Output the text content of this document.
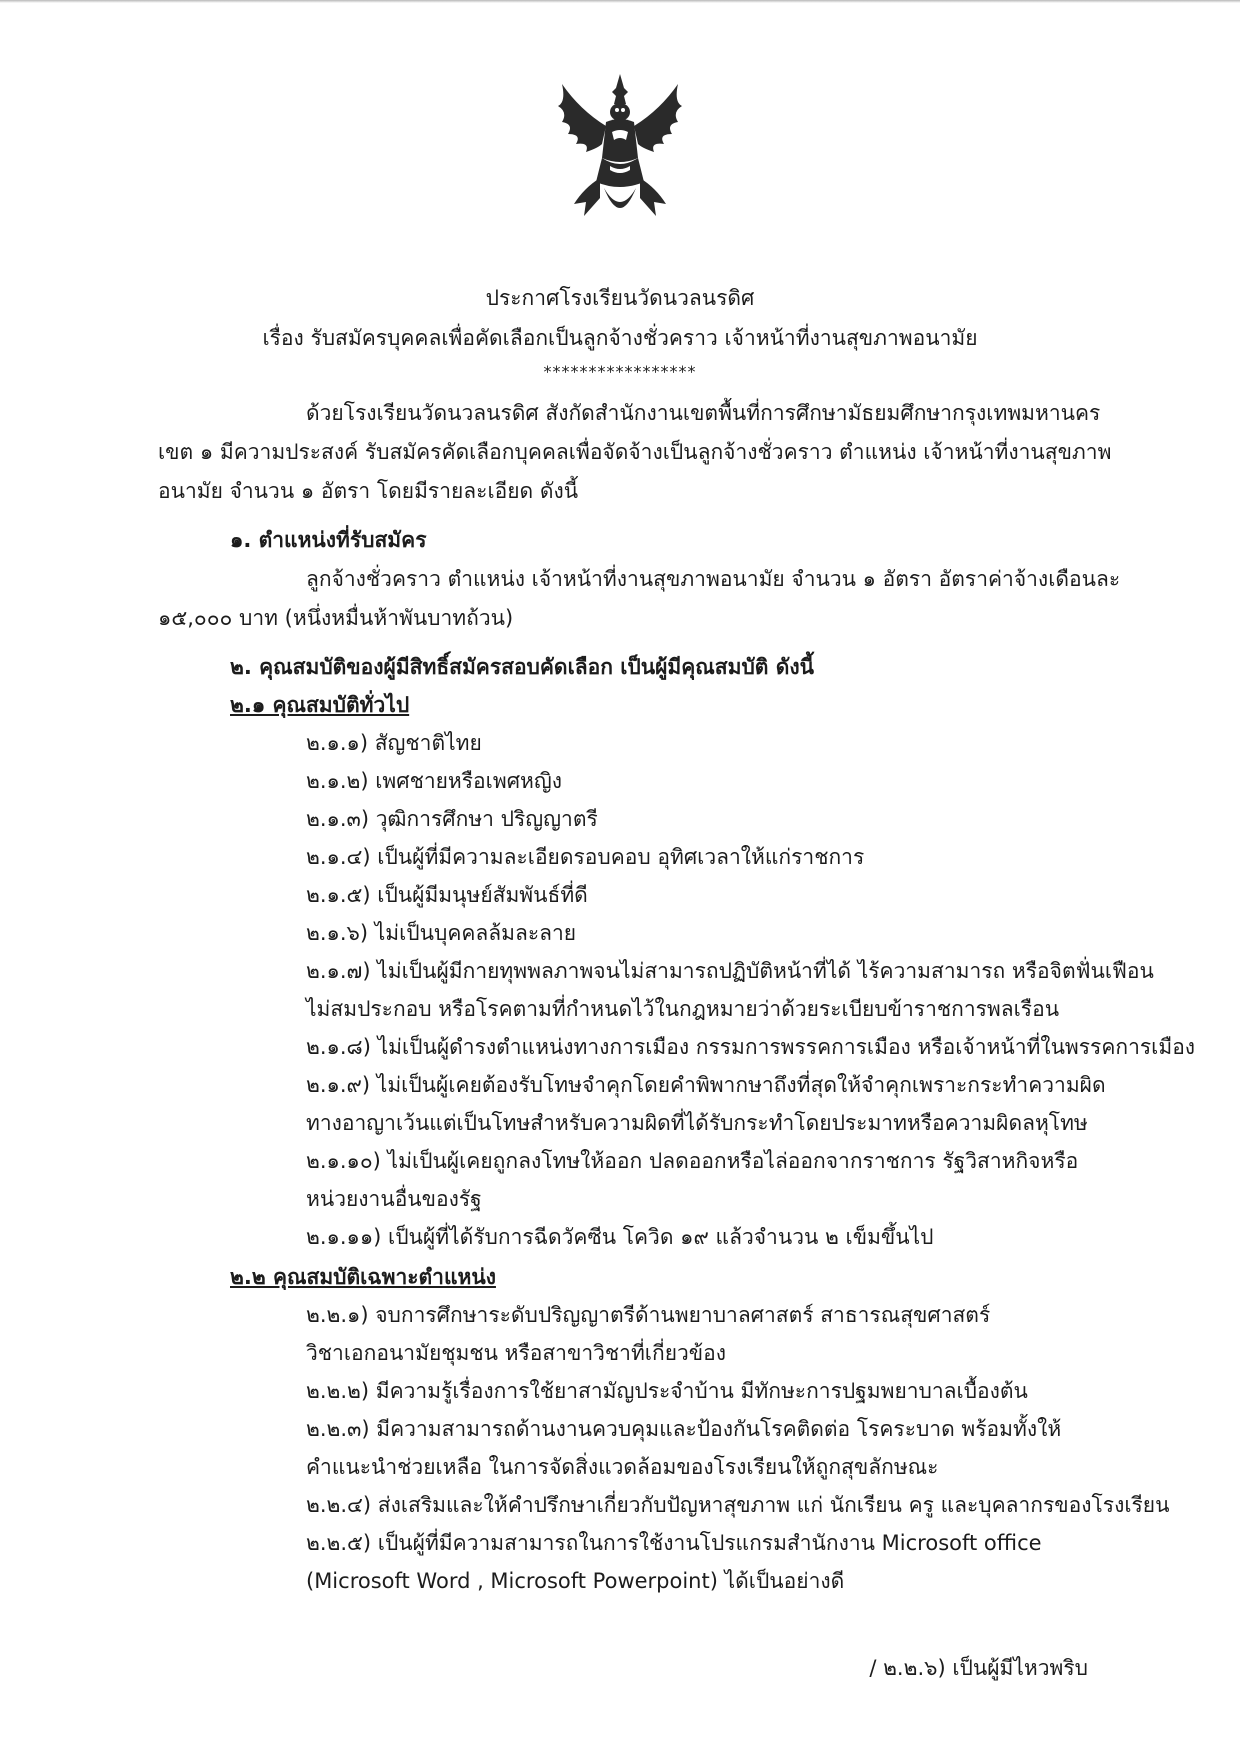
ประกาศโรงเรียนวัดนวลนรดิศ
เรื่อง รับสมัครบุคคลเพื่อคัดเลือกเป็นลูกจ้างชั่วคราว เจ้าหน้าที่งานสุขภาพอนามัย
*****************
ด้วยโรงเรียนวัดนวลนรดิศ สังกัดสำนักงานเขตพื้นที่การศึกษามัธยมศึกษากรุงเทพมหานคร
เขต ๑ มีความประสงค์ รับสมัครคัดเลือกบุคคลเพื่อจัดจ้างเป็นลูกจ้างชั่วคราว ตำแหน่ง เจ้าหน้าที่งานสุขภาพ
อนามัย จำนวน ๑ อัตรา โดยมีรายละเอียด ดังนี้
๑. ตำแหน่งที่รับสมัคร
ลูกจ้างชั่วคราว ตำแหน่ง เจ้าหน้าที่งานสุขภาพอนามัย จำนวน ๑ อัตรา อัตราค่าจ้างเดือนละ
๑๕,๐๐๐ บาท (หนึ่งหมื่นห้าพันบาทถ้วน)
๒. คุณสมบัติของผู้มีสิทธิ์สมัครสอบคัดเลือก เป็นผู้มีคุณสมบัติ ดังนี้
๒.๑ คุณสมบัติทั่วไป
๒.๑.๑) สัญชาติไทย
๒.๑.๒) เพศชายหรือเพศหญิง
๒.๑.๓) วุฒิการศึกษา ปริญญาตรี
๒.๑.๔) เป็นผู้ที่มีความละเอียดรอบคอบ อุทิศเวลาให้แก่ราชการ
๒.๑.๕) เป็นผู้มีมนุษย์สัมพันธ์ที่ดี
๒.๑.๖) ไม่เป็นบุคคลล้มละลาย
๒.๑.๗) ไม่เป็นผู้มีกายทุพพลภาพจนไม่สามารถปฏิบัติหน้าที่ได้ ไร้ความสามารถ หรือจิตฟั่นเฟือน
ไม่สมประกอบ หรือโรคตามที่กำหนดไว้ในกฎหมายว่าด้วยระเบียบข้าราชการพลเรือน
๒.๑.๘) ไม่เป็นผู้ดำรงตำแหน่งทางการเมือง กรรมการพรรคการเมือง หรือเจ้าหน้าที่ในพรรคการเมือง
๒.๑.๙) ไม่เป็นผู้เคยต้องรับโทษจำคุกโดยคำพิพากษาถึงที่สุดให้จำคุกเพราะกระทำความผิด
ทางอาญาเว้นแต่เป็นโทษสำหรับความผิดที่ได้รับกระทำโดยประมาทหรือความผิดลหุโทษ
๒.๑.๑๐) ไม่เป็นผู้เคยถูกลงโทษให้ออก ปลดออกหรือไล่ออกจากราชการ รัฐวิสาหกิจหรือ
หน่วยงานอื่นของรัฐ
๒.๑.๑๑) เป็นผู้ที่ได้รับการฉีดวัคซีน โควิด ๑๙ แล้วจำนวน ๒ เข็มขึ้นไป
๒.๒ คุณสมบัติเฉพาะตำแหน่ง
๒.๒.๑) จบการศึกษาระดับปริญญาตรีด้านพยาบาลศาสตร์ สาธารณสุขศาสตร์
วิชาเอกอนามัยชุมชน หรือสาขาวิชาที่เกี่ยวข้อง
๒.๒.๒) มีความรู้เรื่องการใช้ยาสามัญประจำบ้าน มีทักษะการปฐมพยาบาลเบื้องต้น
๒.๒.๓) มีความสามารถด้านงานควบคุมและป้องกันโรคติดต่อ โรคระบาด พร้อมทั้งให้
คำแนะนำช่วยเหลือ ในการจัดสิ่งแวดล้อมของโรงเรียนให้ถูกสุขลักษณะ
๒.๒.๔) ส่งเสริมและให้คำปรึกษาเกี่ยวกับปัญหาสุขภาพ แก่ นักเรียน ครู และบุคลากรของโรงเรียน
๒.๒.๕) เป็นผู้ที่มีความสามารถในการใช้งานโปรแกรมสำนักงาน Microsoft office
(Microsoft Word , Microsoft Powerpoint) ได้เป็นอย่างดี
/ ๒.๒.๖) เป็นผู้มีไหวพริบ
